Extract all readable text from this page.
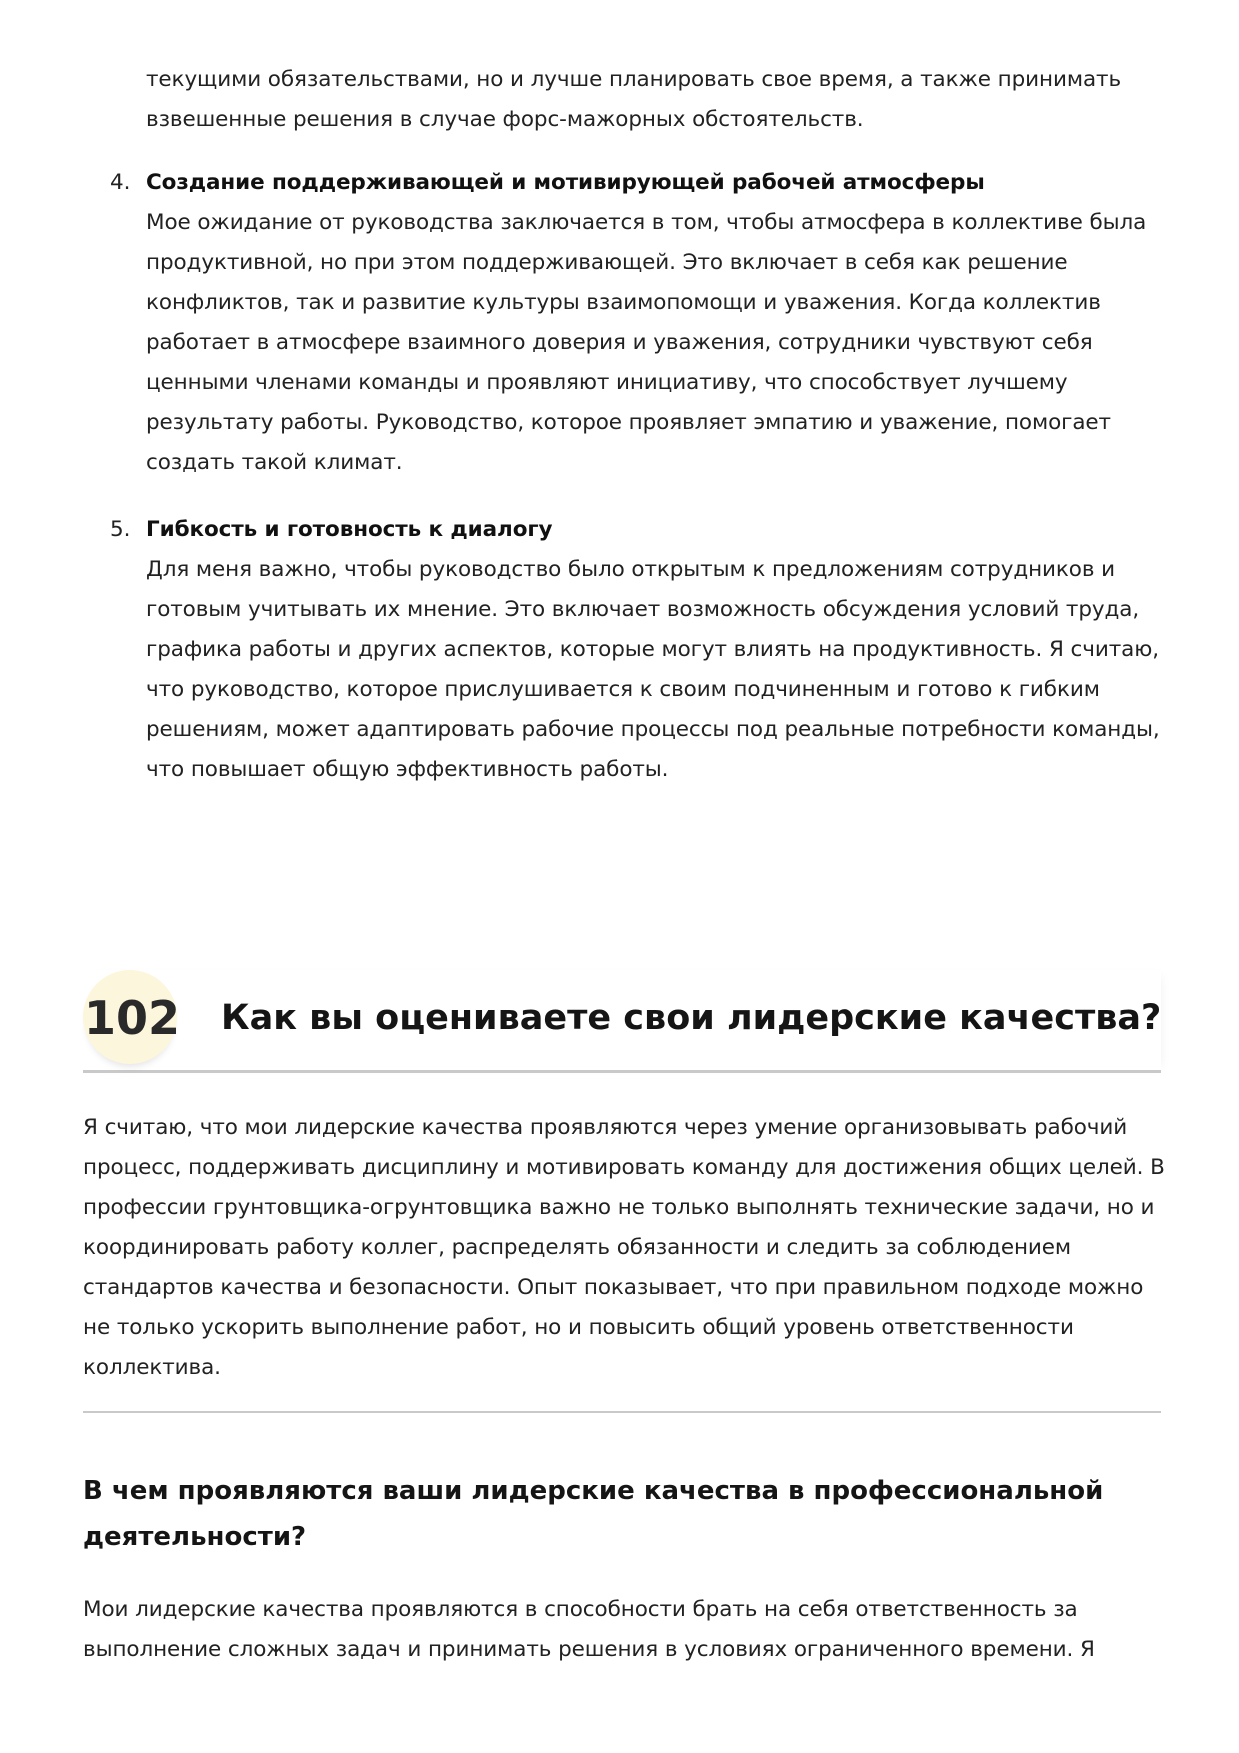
текущими обязательствами, но и лучше планировать свое время, а также принимать взвешенные решения в случае форс-мажорных обстоятельств.

4. Создание поддерживающей и мотивирующей рабочей атмосферы

Мое ожидание от руководства заключается в том, чтобы атмосфера в коллективе была продуктивной, но при этом поддерживающей. Это включает в себя как решение конфликтов, так и развитие культуры взаимопомощи и уважения. Когда коллектив работает в атмосфере взаимного доверия и уважения, сотрудники чувствуют себя ценными членами команды и проявляют инициативу, что способствует лучшему результату работы. Руководство, которое проявляет эмпатию и уважение, помогает создать такой климат.

5. Гибкость и готовность к диалогу

Для меня важно, чтобы руководство было открытым к предложениям сотрудников и готовым учитывать их мнение. Это включает возможность обсуждения условий труда, графика работы и других аспектов, которые могут влиять на продуктивность. Я считаю, что руководство, которое прислушивается к своим подчиненным и готово к гибким решениям, может адаптировать рабочие процессы под реальные потребности команды, что повышает общую эффективность работы.

102 Как вы оцениваете свои лидерские качества?

Я считаю, что мои лидерские качества проявляются через умение организовывать рабочий процесс, поддерживать дисциплину и мотивировать команду для достижения общих целей. В профессии грунтовщика-огрунтовщика важно не только выполнять технические задачи, но и координировать работу коллег, распределять обязанности и следить за соблюдением стандартов качества и безопасности. Опыт показывает, что при правильном подходе можно не только ускорить выполнение работ, но и повысить общий уровень ответственности коллектива.

В чем проявляются ваши лидерские качества в профессиональной деятельности?

Мои лидерские качества проявляются в способности брать на себя ответственность за выполнение сложных задач и принимать решения в условиях ограниченного времени. Я
